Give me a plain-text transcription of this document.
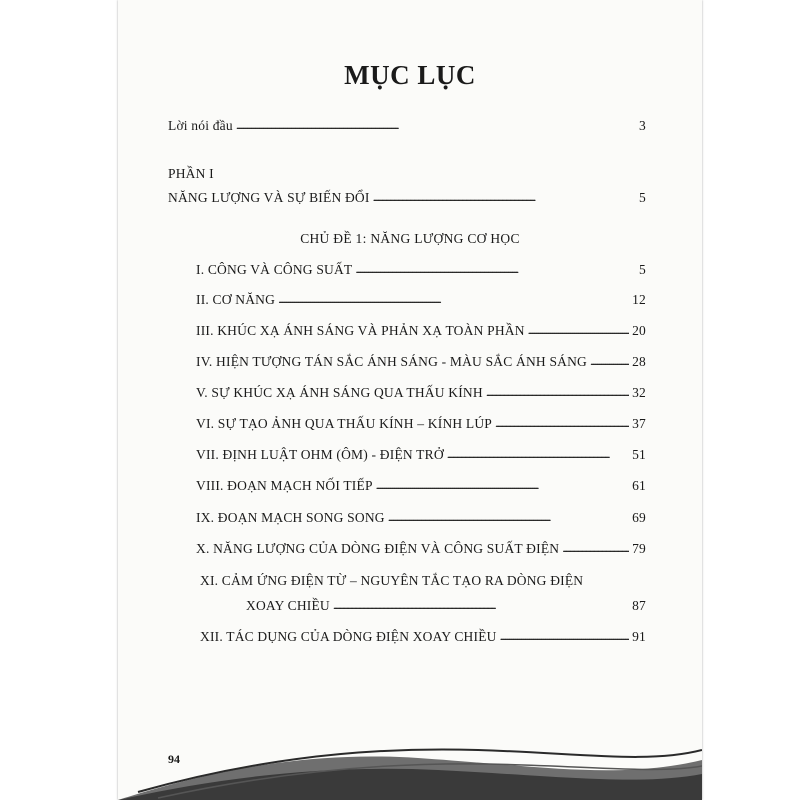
MỤC LỤC
Lời nói đầu . . .	3
PHẦN I
NĂNG LƯỢNG VÀ SỰ BIẾN ĐỔI . . .	5
CHỦ ĐỀ 1: NĂNG LƯỢNG CƠ HỌC
I. CÔNG VÀ CÔNG SUẤT . . .	5
II. CƠ NĂNG . . .	12
III. KHÚC XẠ ÁNH SÁNG VÀ PHẢN XẠ TOÀN PHẦN . . .	20
IV. HIỆN TƯỢNG TÁN SẮC ÁNH SÁNG - MÀU SẮC ÁNH SÁNG . . .	28
V. SỰ KHÚC XẠ ÁNH SÁNG QUA THẤU KÍNH . . .	32
VI. SỰ TẠO ẢNH QUA THẤU KÍNH – KÍNH LÚP . . .	37
VII. ĐỊNH LUẬT OHM (ÔM) - ĐIỆN TRỞ . . .	51
VIII. ĐOẠN MẠCH NỐI TIẾP . . .	61
IX. ĐOẠN MẠCH SONG SONG . . .	69
X. NĂNG LƯỢNG CỦA DÒNG ĐIỆN VÀ CÔNG SUẤT ĐIỆN . . .	79
XI. CẢM ỨNG ĐIỆN TỪ – NGUYÊN TẮC TẠO RA DÒNG ĐIỆN
XOAY CHIỀU . . .	87
XII. TÁC DỤNG CỦA DÒNG ĐIỆN XOAY CHIỀU . . .	91
94
